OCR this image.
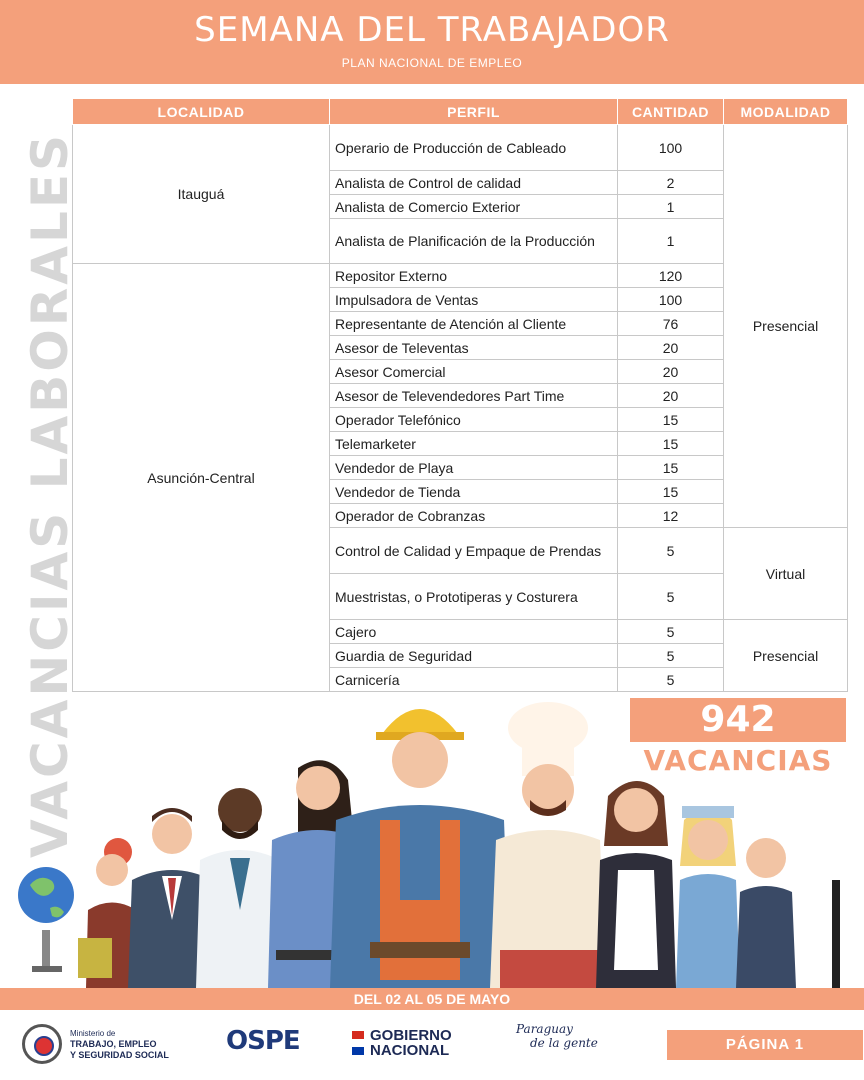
SEMANA DEL TRABAJADOR
PLAN NACIONAL DE EMPLEO
VACANCIAS LABORALES
LOCALIDAD	PERFIL	CANTIDAD	MODALIDAD
Itauguá	Operario de Producción de Cableado	100	Presencial
	Analista de Control de calidad	2	
	Analista de Comercio Exterior	1	
	Analista de Planificación de la Producción	1	
Asunción-Central	Repositor Externo	120	
	Impulsadora de Ventas	100	
	Representante de Atención al Cliente	76	
	Asesor de Televentas	20	
	Asesor Comercial	20	
	Asesor de Televendedores Part Time	20	
	Operador Telefónico	15	
	Telemarketer	15	
	Vendedor de Playa	15	
	Vendedor de Tienda	15	
	Operador de Cobranzas	12	
	Control de Calidad y Empaque de Prendas	5	Virtual
	Muestristas, o Prototiperas y Costurera	5	
	Cajero	5	Presencial
	Guardia de Seguridad	5	
	Carnicería	5	
942
VACANCIAS
DEL 02 AL 05 DE MAYO
Ministerio de
TRABAJO, EMPLEO
Y SEGURIDAD SOCIAL OSPE	GOBIERNO
NACIONAL
Paraguay
de la gente	PÁGINA 1
